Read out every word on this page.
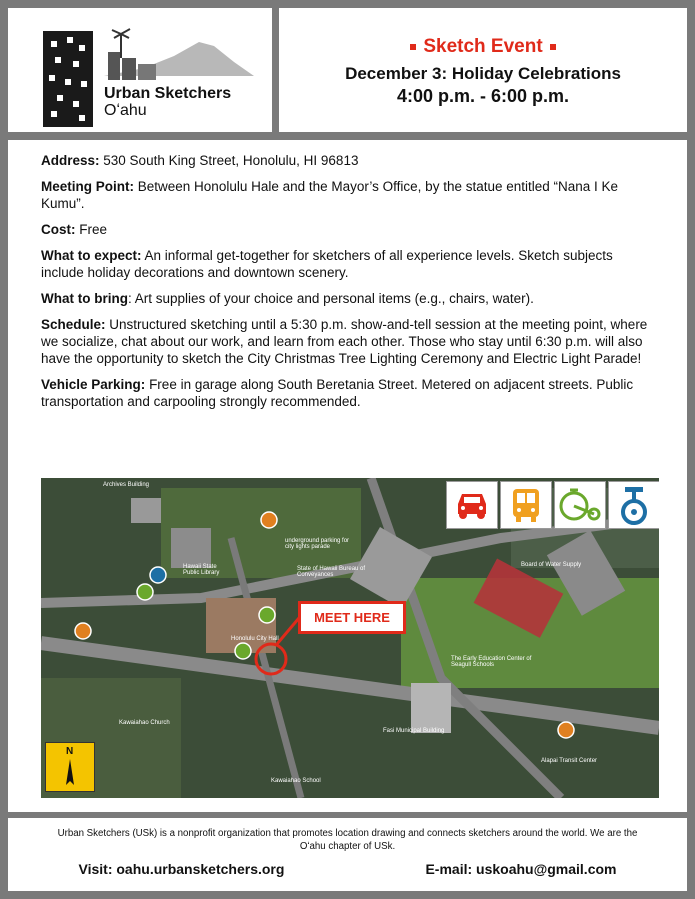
Urban Sketchers
Oʻahu
Sketch Event
December 3: Holiday Celebrations
4:00 p.m. - 6:00 p.m.

Address: 530 South King Street, Honolulu, HI 96813

Meeting Point: Between Honolulu Hale and the Mayor’s Office, by the statue entitled “Nana I Ke Kumu”.

Cost: Free

What to expect: An informal get-together for sketchers of all experience levels. Sketch subjects include holiday decorations and downtown scenery.

What to bring: Art supplies of your choice and personal items (e.g., chairs, water).

Schedule: Unstructured sketching until a 5:30 p.m. show-and-tell session at the meeting point, where we socialize, chat about our work, and learn from each other. Those who stay until 6:30 p.m. will also have the opportunity to sketch the City Christmas Tree Lighting Ceremony and Electric Light Parade!

Vehicle Parking: Free in garage along South Beretania Street. Metered on adjacent streets. Public transportation and carpooling strongly recommended.

Archives Building
underground parking for city lights parade
Hawaii State Public Library
State of Hawaii Bureau of Conveyances
Board of Water Supply
Honolulu City Hall
The Early Education Center of Seagull Schools
Kawaiahao Church
Fasi Municipal Building
Alapai Transit Center
Kawaiahao School
MEET HERE
N
Urban Sketchers (USk) is a nonprofit organization that promotes location drawing and connects sketchers around the world. We are the Oʻahu chapter of USk.
Visit: oahu.urbansketchers.org	E-mail: uskoahu@gmail.com
